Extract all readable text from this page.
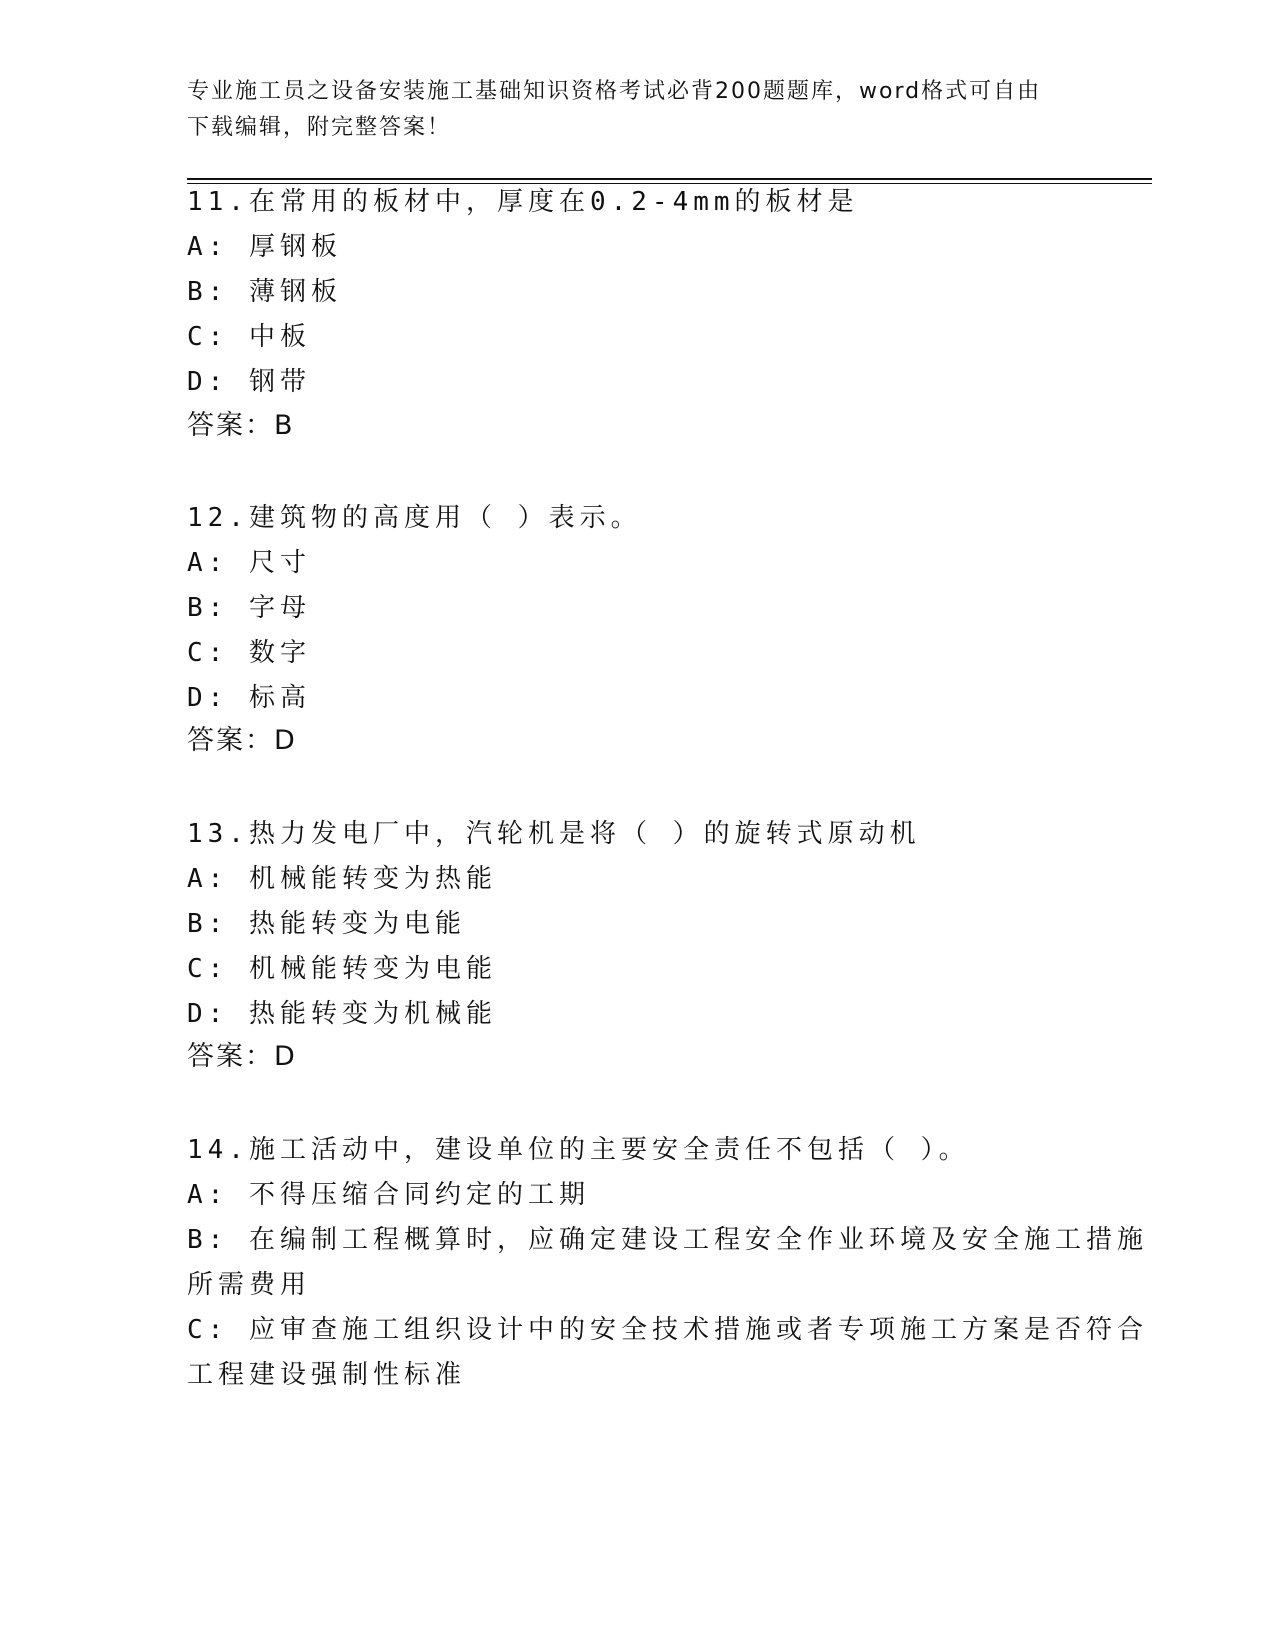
专业施工员之设备安装施工基础知识资格考试必背200题题库，word格式可自由
下载编辑，附完整答案！
11.在常用的板材中，厚度在0.2-4mm的板材是
A: 厚钢板
B: 薄钢板
C: 中板
D: 钢带
答案：B
12.建筑物的高度用（ ）表示。
A: 尺寸
B: 字母
C: 数字
D: 标高
答案：D
13.热力发电厂中，汽轮机是将（ ）的旋转式原动机
A: 机械能转变为热能
B: 热能转变为电能
C: 机械能转变为电能
D: 热能转变为机械能
答案：D
14.施工活动中，建设单位的主要安全责任不包括（ ）。
A: 不得压缩合同约定的工期
B: 在编制工程概算时，应确定建设工程安全作业环境及安全施工措施
所需费用
C: 应审查施工组织设计中的安全技术措施或者专项施工方案是否符合
工程建设强制性标准
